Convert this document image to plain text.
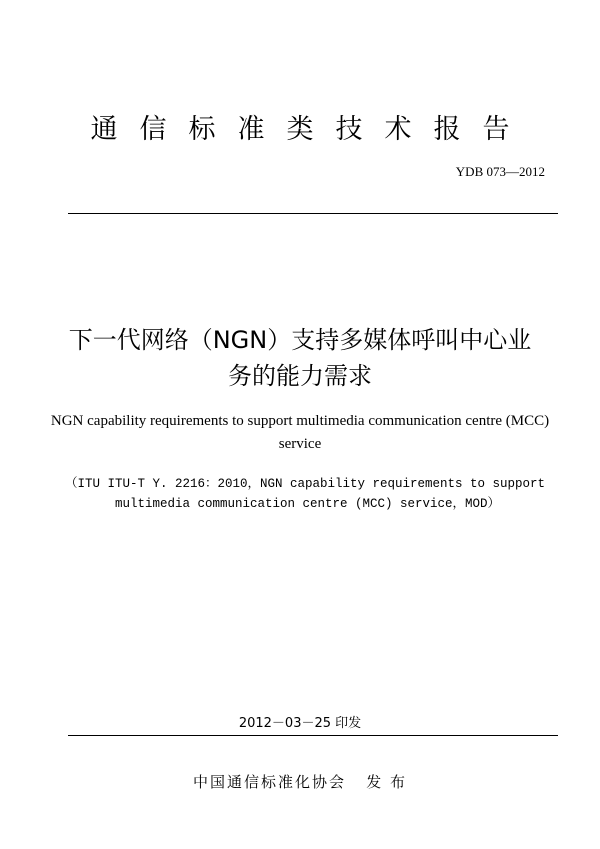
通信标准类技术报告
YDB 073—2012
下一代网络（NGN）支持多媒体呼叫中心业
务的能力需求
NGN capability requirements to support multimedia communication centre (MCC)
service
（ITU ITU-T Y. 2216：2010，NGN capability requirements to support
multimedia communication centre (MCC) service，MOD）
2012－03－25 印发
中国通信标准化协会   发 布
